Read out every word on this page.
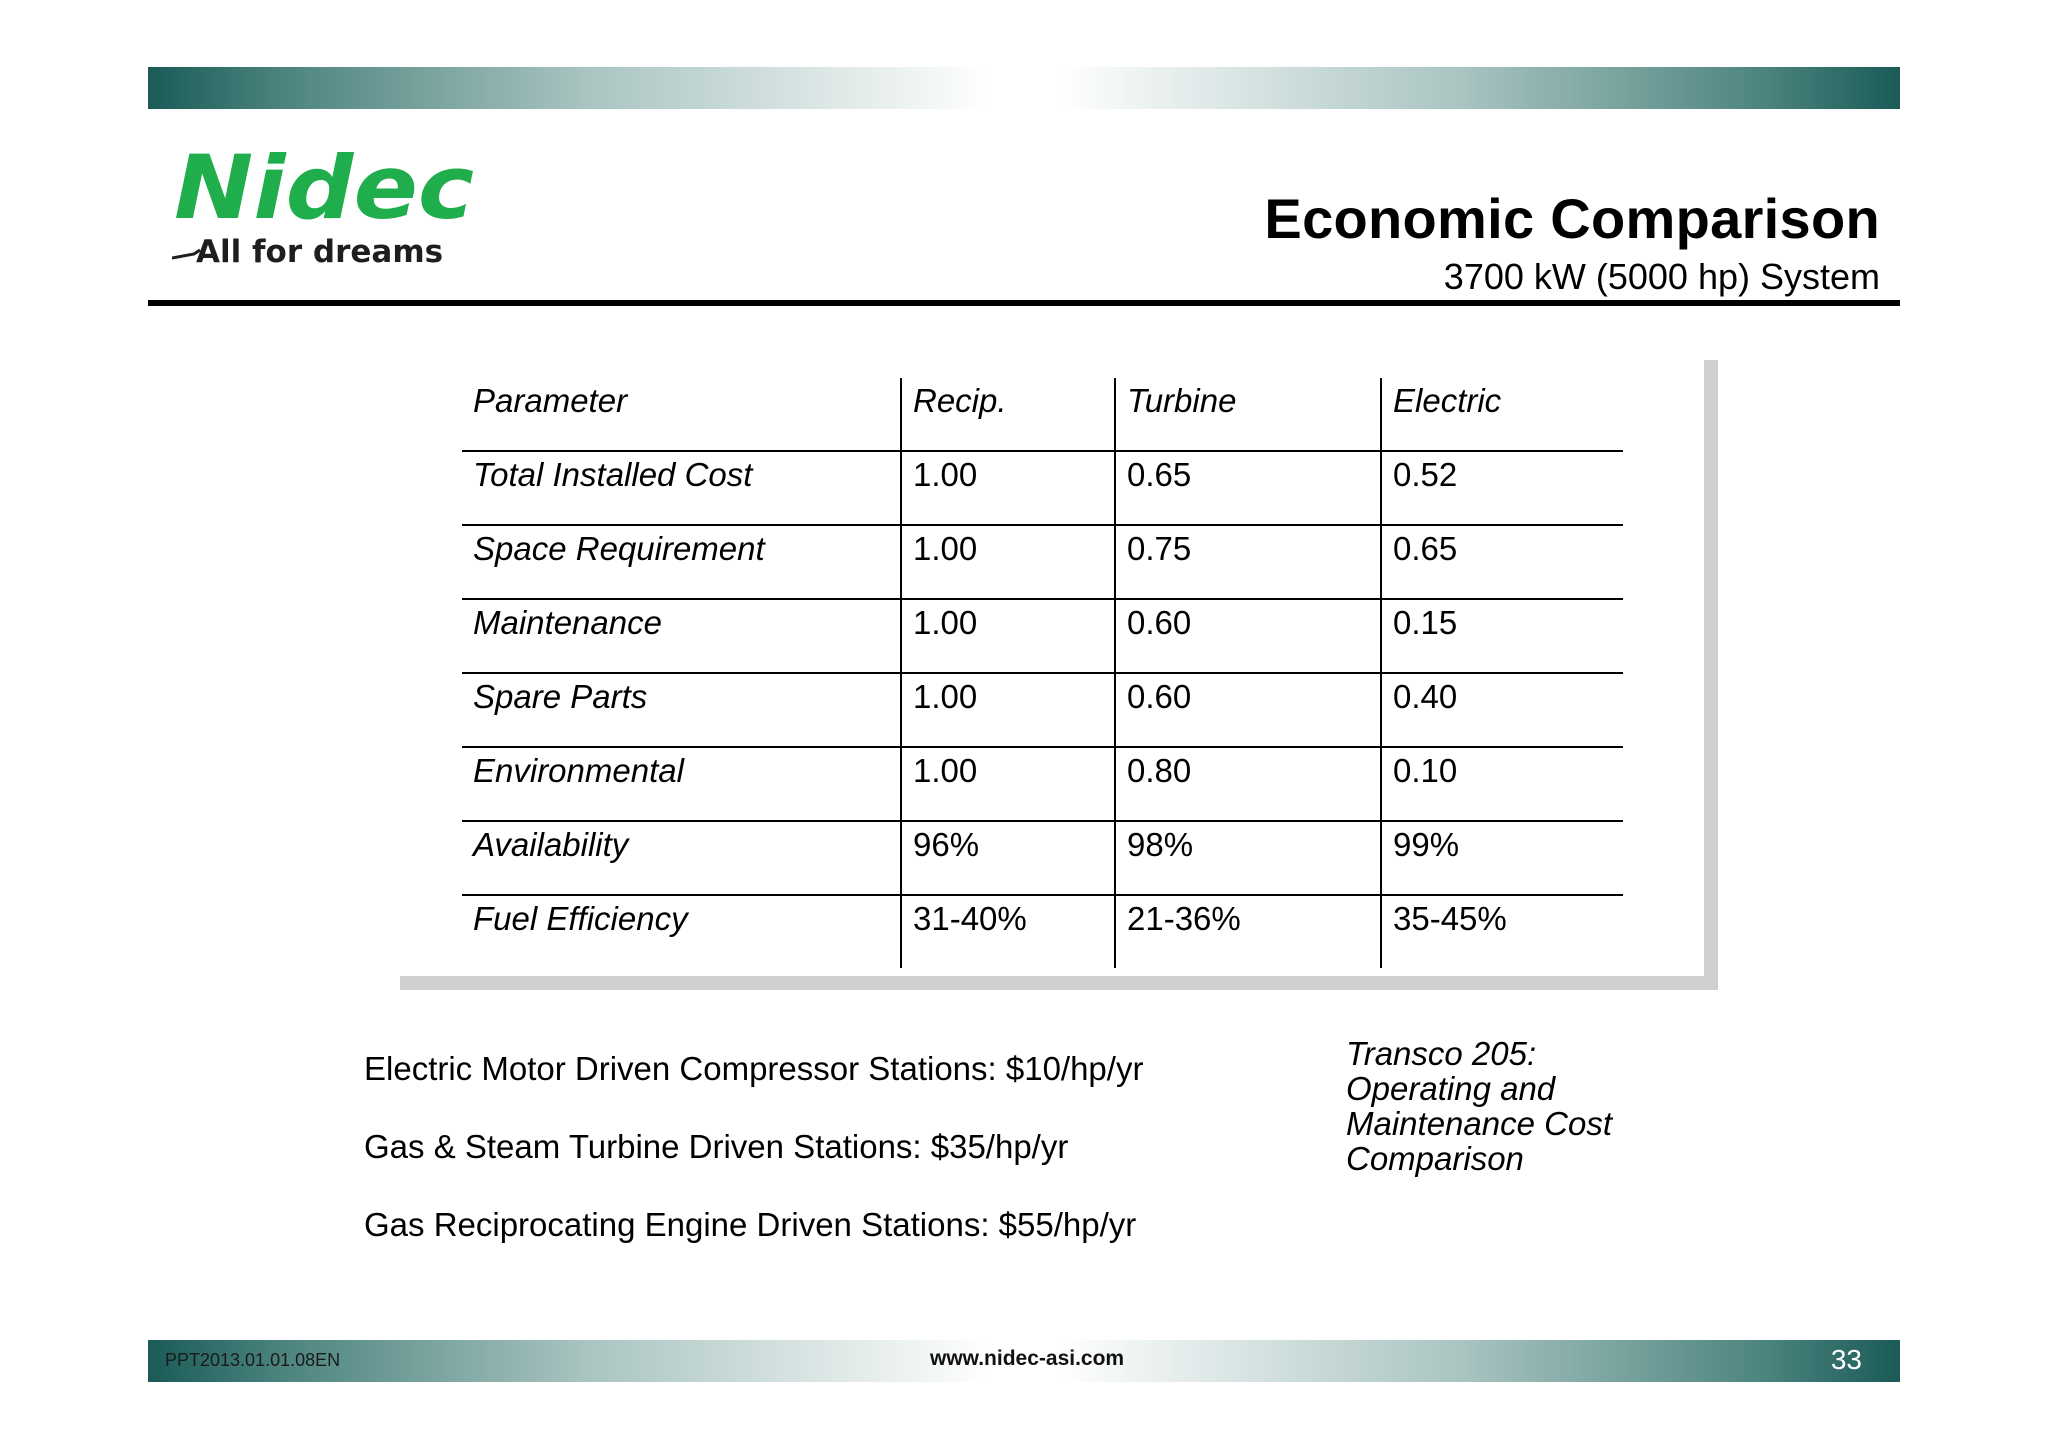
Nidec
All for dreams
Economic Comparison
3700 kW (5000 hp) System
Parameter	Recip.	Turbine	Electric
Total Installed Cost	1.00	0.65	0.52
Space Requirement	1.00	0.75	0.65
Maintenance	1.00	0.60	0.15
Spare Parts	1.00	0.60	0.40
Environmental	1.00	0.80	0.10
Availability	96%	98%	99%
Fuel Efficiency	31-40%	21-36%	35-45%
Electric Motor Driven Compressor Stations: $10/hp/yr
Gas & Steam Turbine Driven Stations: $35/hp/yr
Gas Reciprocating Engine Driven Stations: $55/hp/yr
Transco 205:
Operating and
Maintenance Cost
Comparison
PPT2013.01.01.08EN	www.nidec-asi.com	33
